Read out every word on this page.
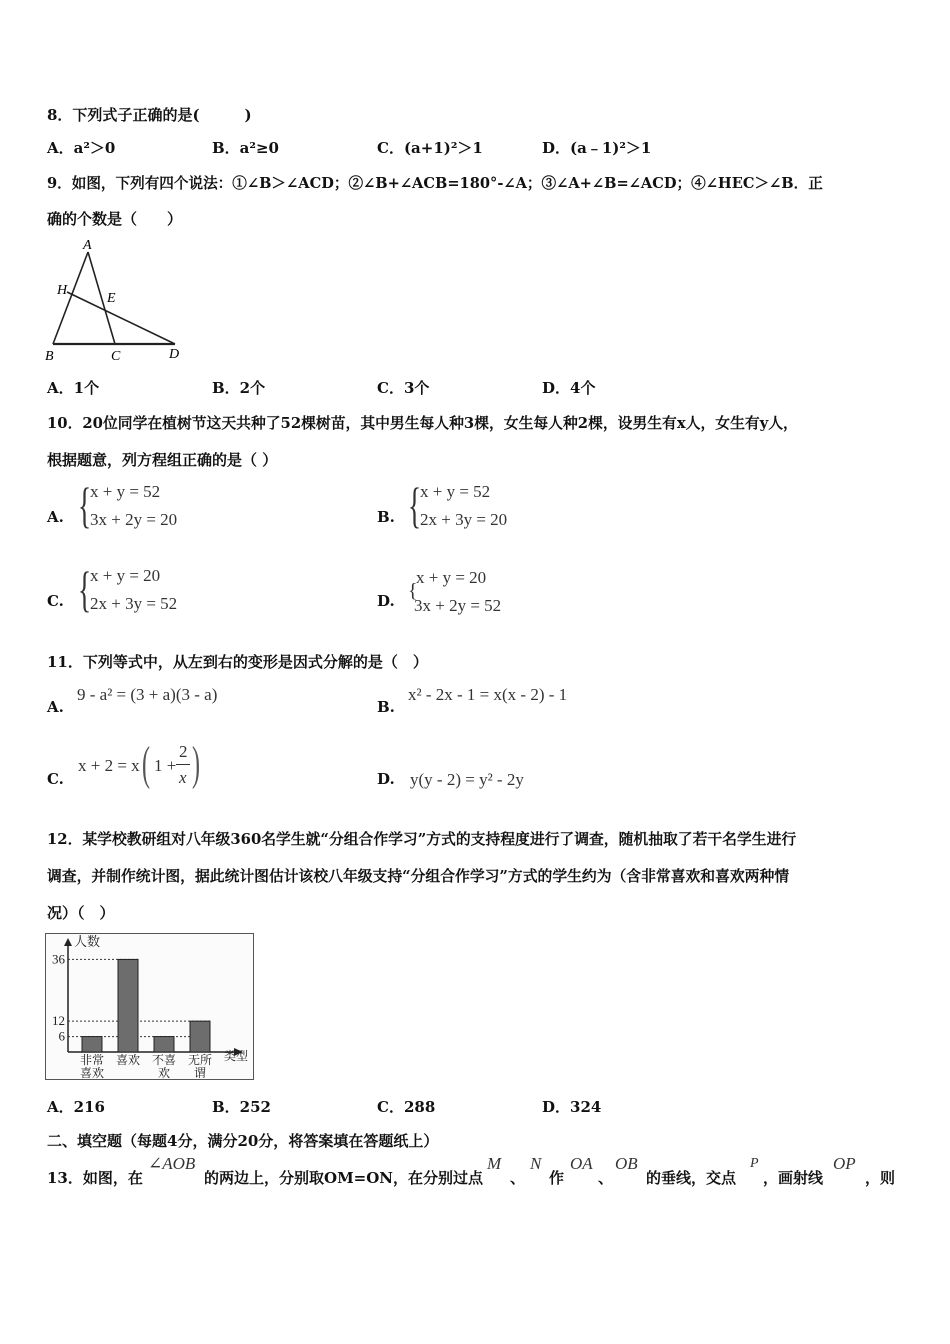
8．下列式子正确的是(　　　)
A．a²＞0	B．a²≥0	C．(a+1)²＞1	D．(a﹣1)²＞1
9．如图，下列有四个说法：①∠B＞∠ACD；②∠B+∠ACB=180°-∠A；③∠A+∠B=∠ACD；④∠HEC＞∠B．正
确的个数是（　　）
A
H
E
B	C	D
A．1个	B．2个	C．3个	D．4个
10．20位同学在植树节这天共种了52棵树苗，其中男生每人种3棵，女生每人种2棵，设男生有x人，女生有y人，
根据题意，列方程组正确的是（ ）
A. {
x + y = 52
3x + 2y = 20	B. {
x + y = 52
2x + 3y = 20
C. {
x + y = 20
2x + 3y = 52	D. {
x + y = 20
3x + 2y = 52
11．下列等式中，从左到右的变形是因式分解的是（　）
A.
9 - a² = (3 + a)(3 - a)
B.
x² - 2x - 1 = x(x - 2) - 1
C.
x + 2 = x ( 1 +
2
x )	D. y(y - 2) = y² - 2y
12．某学校教研组对八年级360名学生就“分组合作学习”方式的支持程度进行了调查，随机抽取了若干名学生进行
调查，并制作统计图，据此统计图估计该校八年级支持“分组合作学习”方式的学生约为（含非常喜欢和喜欢两种情
况）（　）
人数
类型
36
12
6
非常
喜欢
喜欢 不喜
欢
无所
谓
A．216	B．252	C．288	D．324
二、填空题（每题4分，满分20分，将答案填在答题纸上）
13．如图，在
∠AOB
的两边上，分别取OM=ON，在分别过点
M
、
N
作
OA
、
OB
的垂线，交点
P
，画射线
OP
，则
